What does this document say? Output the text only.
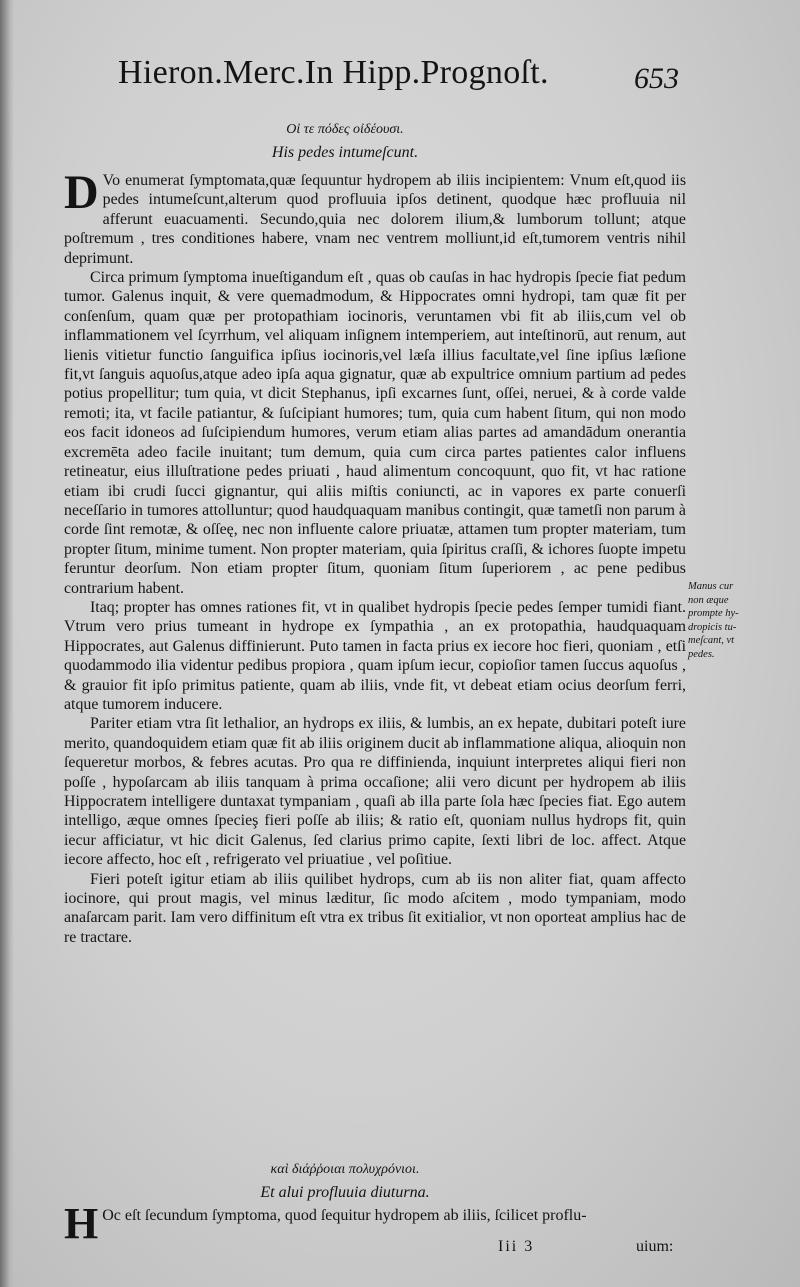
Hieron.Merc.In Hipp.Prognoſt.	653
Οἱ τε πόδες οἰδέουσι.
His pedes intumeſcunt.

D Vo enumerat ſymptomata,quæ ſequuntur hydropem ab iliis incipientem: Vnum eſt,quod iis pedes intumeſcunt,alterum quod profluuia ipſos detinent, quodque hæc profluuia nil afferunt euacuamenti. Secundo,quia nec dolorem ilium,& lumborum tollunt; atque poſtremum , tres conditiones habere, vnam nec ventrem molliunt,id eſt,tumorem ventris nihil deprimunt.

Circa primum ſymptoma inueſtigandum eſt , quas ob cauſas in hac hydropis ſpecie fiat pedum tumor. Galenus inquit, & vere quemadmodum, & Hippocrates omni hydropi, tam quæ fit per conſenſum, quam quæ per protopathiam iocinoris, veruntamen vbi fit ab iliis,cum vel ob inflammationem vel ſcyrrhum, vel aliquam inſignem intemperiem, aut inteſtinorū, aut renum, aut lienis vitietur functio ſanguifica ipſius iocinoris,vel læſa illius facultate,vel ſine ipſius læſione fit,vt ſanguis aquoſus,atque adeo ipſa aqua gignatur, quæ ab expultrice omnium partium ad pedes potius propellitur; tum quia, vt dicit Stephanus, ipſi excarnes ſunt, oſſei, neruei, & à corde valde remoti; ita, vt facile patiantur, & ſuſcipiant humores; tum, quia cum habent ſitum, qui non modo eos facit idoneos ad ſuſcipiendum humores, verum etiam alias partes ad amandādum onerantia excremēta adeo facile inuitant; tum demum, quia cum circa partes patientes calor influens retineatur, eius illuſtratione pedes priuati , haud alimentum concoquunt, quo fit, vt hac ratione etiam ibi crudi ſucci gignantur, qui aliis miſtis coniuncti, ac in vapores ex parte conuerſi neceſſario in tumores attolluntur; quod haudquaquam manibus contingit, quæ tametſi non parum à corde ſint remotæ, & oſſeę, nec non influente calore priuatæ, attamen tum propter materiam, tum propter ſitum, minime tument. Non propter materiam, quia ſpiritus craſſi, & ichores ſuopte impetu feruntur deorſum. Non etiam propter ſitum, quoniam ſitum ſuperiorem , ac pene pedibus contrarium habent.

Itaq; propter has omnes rationes fit, vt in qualibet hydropis ſpecie pedes ſemper tumidi fiant. Vtrum vero prius tumeant in hydrope ex ſympathia , an ex protopathia, haudquaquam Hippocrates, aut Galenus diffinierunt. Puto tamen in facta prius ex iecore hoc fieri, quoniam , etſi quodammodo ilia videntur pedibus propiora , quam ipſum iecur, copioſior tamen ſuccus aquoſus , & grauior fit ipſo primitus patiente, quam ab iliis, vnde fit, vt debeat etiam ocius deorſum ferri, atque tumorem inducere.

Pariter etiam vtra ſit lethalior, an hydrops ex iliis, & lumbis, an ex hepate, dubitari poteſt iure merito, quandoquidem etiam quæ fit ab iliis originem ducit ab inflammatione aliqua, alioquin non ſequeretur morbos, & febres acutas. Pro qua re diffinienda, inquiunt interpretes aliqui fieri non poſſe , hypoſarcam ab iliis tanquam à prima occaſione; alii vero dicunt per hydropem ab iliis Hippocratem intelligere duntaxat tympaniam , quaſi ab illa parte ſola hæc ſpecies fiat. Ego autem intelligo, æque omnes ſpecieş fieri poſſe ab iliis; & ratio eſt, quoniam nullus hydrops fit, quin iecur afficiatur, vt hic dicit Galenus, ſed clarius primo capite, ſexti libri de loc. affect. Atque iecore affecto, hoc eſt , refrigerato vel priuatiue , vel poſitiue.

Fieri poteſt igitur etiam ab iliis quilibet hydrops, cum ab iis non aliter fiat, quam affecto iocinore, qui prout magis, vel minus læditur, ſic modo aſcitem , modo tympaniam, modo anaſarcam parit. Iam vero diffinitum eſt vtra ex tribus ſit exitialior, vt non oporteat amplius hac de re tractare.

Manus cur
non æque
prompte hy-
dropicis tu-
meſcant, vt
pedes.
καὶ διάῤῥοιαι πολυχρόνιοι.
Et alui profluuia diuturna.
H Oc eſt ſecundum ſymptoma, quod ſequitur hydropem ab iliis, ſcilicet proflu-
Iii 3	uium:
